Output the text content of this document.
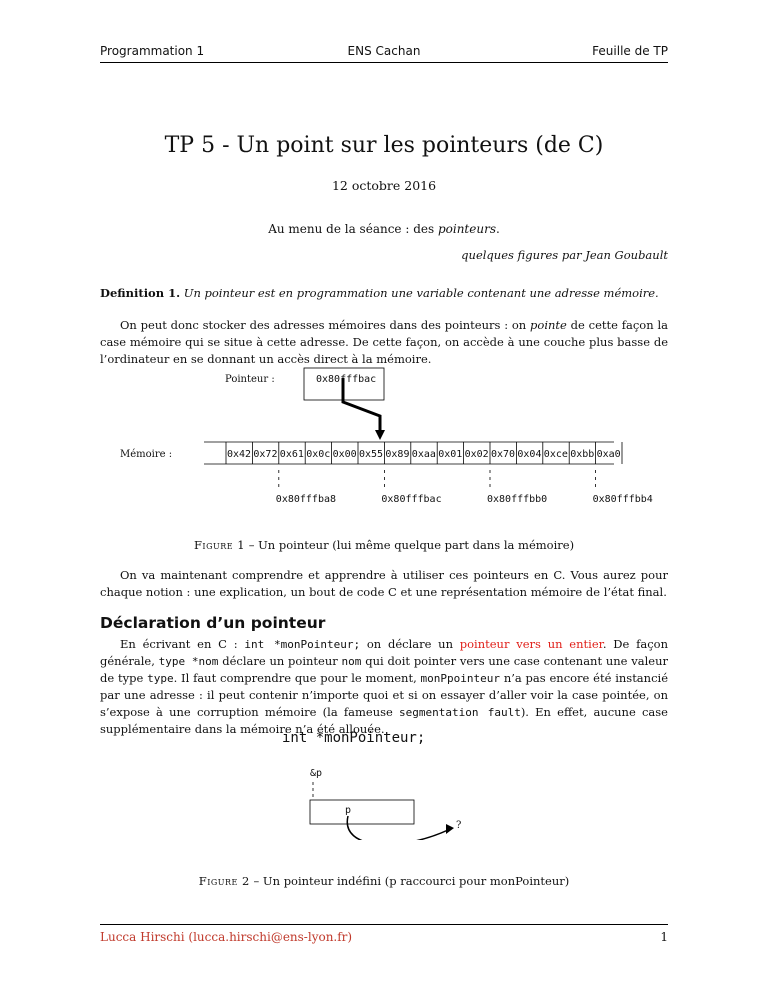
Programmation 1	ENS Cachan	Feuille de TP
TP 5 - Un point sur les pointeurs (de C)
12 octobre 2016
Au menu de la séance : des pointeurs.
quelques figures par Jean Goubault
Definition 1. Un pointeur est en programmation une variable contenant une adresse mémoire.

On peut donc stocker des adresses mémoires dans des pointeurs : on pointe de cette façon la case mémoire qui se situe à cette adresse. De cette façon, on accède à une couche plus basse de l’ordinateur en se donnant un accès direct à la mémoire.

Pointeur :	0x80fffbac
Mémoire :	0x42 0x72 0x61 0x0c 0x00 0x55 0x89 0xaa 0x01 0x02 0x70 0x04 0xce 0xbb 0xa0
0x80fffba8	0x80fffbac	0x80fffbb0	0x80fffbb4
Figure 1 – Un pointeur (lui même quelque part dans la mémoire)

On va maintenant comprendre et apprendre à utiliser ces pointeurs en C. Vous aurez pour chaque notion : une explication, un bout de code C et une représentation mémoire de l’état final.

Déclaration d’un pointeur

En écrivant en C : int *monPointeur; on déclare un pointeur vers un entier. De façon générale, type *nom déclare un pointeur nom qui doit pointer vers une case contenant une valeur de type type. Il faut comprendre que pour le moment, monPpointeur n’a pas encore été instancié par une adresse : il peut contenir n’importe quoi et si on essayer d’aller voir la case pointée, on s’expose à une corruption mémoire (la fameuse segmentation fault). En effet, aucune case supplémentaire dans la mémoire n’a été allouée.

int *monPointeur;
&p
p
?
Figure 2 – Un pointeur indéfini (p raccourci pour monPointeur)
Lucca Hirschi (lucca.hirschi@ens-lyon.fr)	1
